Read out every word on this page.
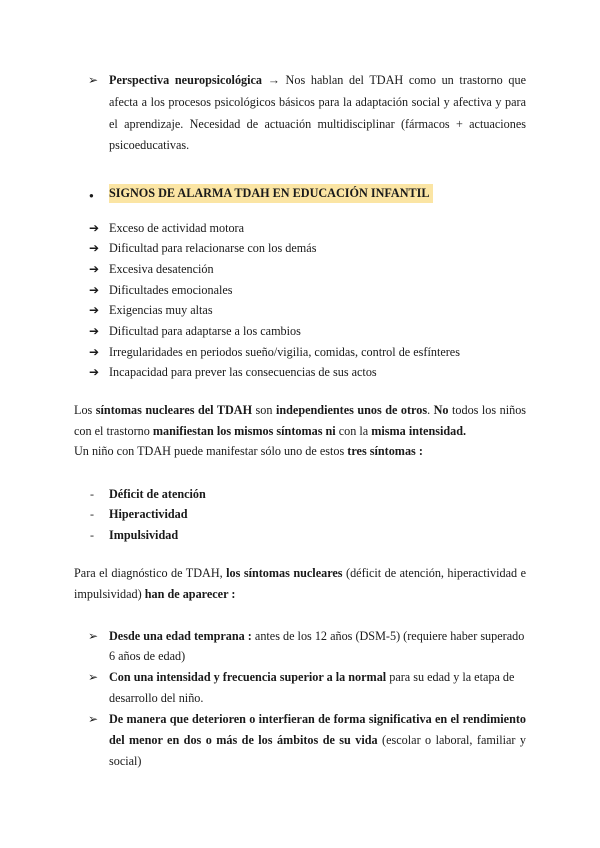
➢ Perspectiva neuropsicológica → Nos hablan del TDAH como un trastorno que
afecta a los procesos psicológicos básicos para la adaptación social y afectiva y para
el aprendizaje. Necesidad de actuación multidisciplinar (fármacos + actuaciones
psicoeducativas.
● SIGNOS DE ALARMA TDAH EN EDUCACIÓN INFANTIL
➔ Exceso de actividad motora
➔ Dificultad para relacionarse con los demás
➔ Excesiva desatención
➔ Dificultades emocionales
➔ Exigencias muy altas
➔ Dificultad para adaptarse a los cambios
➔ Irregularidades en periodos sueño/vigilia, comidas, control de esfínteres
➔ Incapacidad para prever las consecuencias de sus actos
Los síntomas nucleares del TDAH son independientes unos de otros. No todos los niños
con el trastorno manifiestan los mismos síntomas ni con la misma intensidad.
Un niño con TDAH puede manifestar sólo uno de estos tres síntomas :
- Déficit de atención
- Hiperactividad
- Impulsividad
Para el diagnóstico de TDAH, los síntomas nucleares (déficit de atención, hiperactividad e
impulsividad) han de aparecer :
➢ Desde una edad temprana : antes de los 12 años (DSM-5) (requiere haber superado
6 años de edad)
➢ Con una intensidad y frecuencia superior a la normal para su edad y la etapa de
desarrollo del niño.
➢ De manera que deterioren o interfieran de forma significativa en el rendimiento
del menor en dos o más de los ámbitos de su vida (escolar o laboral, familiar y
social)
